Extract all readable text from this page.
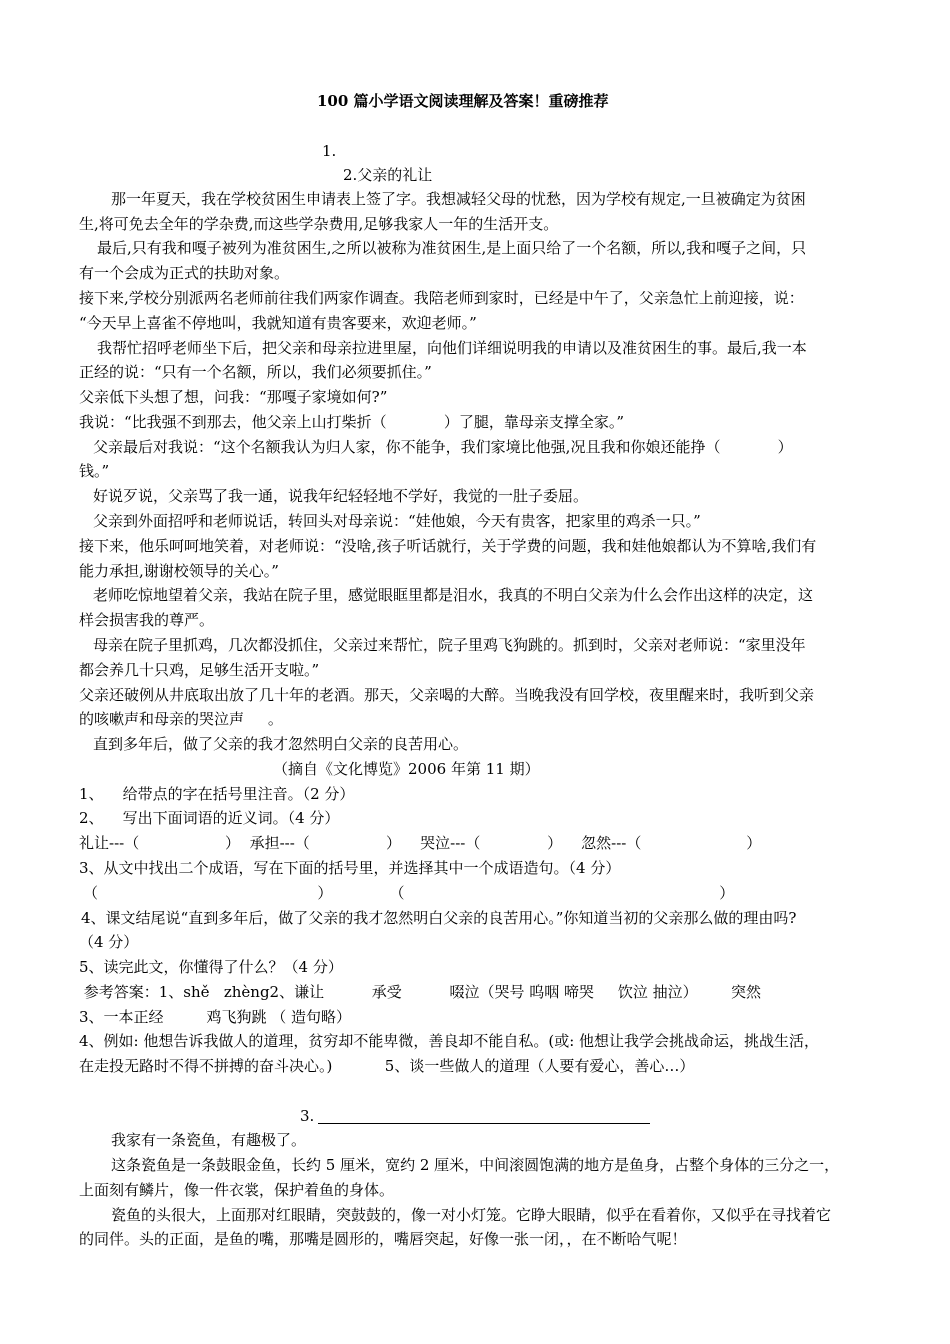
100 篇小学语文阅读理解及答案！重磅推荐
1.
2.父亲的礼让
那一年夏天，我在学校贫困生申请表上签了字。我想减轻父母的忧愁，因为学校有规定,一旦被确定为贫困
生,将可免去全年的学杂费,而这些学杂费用,足够我家人一年的生活开支。
最后,只有我和嘎子被列为准贫困生,之所以被称为准贫困生,是上面只给了一个名额，所以,我和嘎子之间，只
有一个会成为正式的扶助对象。
接下来,学校分别派两名老师前往我们两家作调查。我陪老师到家时，已经是中午了，父亲急忙上前迎接，说：
“今天早上喜雀不停地叫，我就知道有贵客要来，欢迎老师。”
我帮忙招呼老师坐下后，把父亲和母亲拉进里屋，向他们详细说明我的申请以及准贫困生的事。最后,我一本
正经的说：“只有一个名额，所以，我们必须要抓住。”
父亲低下头想了想，问我：“那嘎子家境如何?”
我说：“比我强不到那去，他父亲上山打柴折（            ）了腿，靠母亲支撑全家。”
父亲最后对我说：“这个名额我认为归人家，你不能争，我们家境比他强,况且我和你娘还能挣（            ）
钱。”
好说歹说，父亲骂了我一通，说我年纪轻轻地不学好，我觉的一肚子委屈。
父亲到外面招呼和老师说话，转回头对母亲说：“娃他娘，今天有贵客，把家里的鸡杀一只。”
接下来，他乐呵呵地笑着，对老师说：“没啥,孩子听话就行，关于学费的问题，我和娃他娘都认为不算啥,我们有
能力承担,谢谢校领导的关心。”
老师吃惊地望着父亲，我站在院子里，感觉眼眶里都是泪水，我真的不明白父亲为什么会作出这样的决定，这
样会损害我的尊严。
母亲在院子里抓鸡，几次都没抓住，父亲过来帮忙，院子里鸡飞狗跳的。抓到时，父亲对老师说：“家里没年
都会养几十只鸡，足够生活开支啦。”
父亲还破例从井底取出放了几十年的老酒。那天，父亲喝的大醉。当晚我没有回学校，夜里醒来时，我听到父亲
的咳嗽声和母亲的哭泣声     。
直到多年后，做了父亲的我才忽然明白父亲的良苦用心。
（摘自《文化博览》2006 年第 11 期）
1、    给带点的字在括号里注音。（2 分）
2、    写出下面词语的近义词。（4 分）
礼让---（                  ）  承担---（                ）    哭泣---（              ）    忽然---（                      ）
3、从文中找出二个成语，写在下面的括号里，并选择其中一个成语造句。（4 分）
（                                              ）            （                                                                  ）
4、课文结尾说“直到多年后，做了父亲的我才忽然明白父亲的良苦用心。”你知道当初的父亲那么做的理由吗?
（4 分）
5、读完此文，你懂得了什么？（4 分）
参考答案：1、shě   zhèng2、谦让          承受          啜泣（哭号 呜咽 啼哭     饮泣 抽泣）       突然
3、一本正经         鸡飞狗跳 （ 造句略）
4、例如: 他想告诉我做人的道理，贫穷却不能卑微，善良却不能自私。(或: 他想让我学会挑战命运，挑战生活，
在走投无路时不得不拼搏的奋斗决心。)           5、谈一些做人的道理（人要有爱心，善心…）
3.
我家有一条瓷鱼，有趣极了。
这条瓷鱼是一条鼓眼金鱼，长约 5 厘米，宽约 2 厘米，中间滚圆饱满的地方是鱼身，占整个身体的三分之一，
上面刻有鳞片，像一件衣裳，保护着鱼的身体。
瓷鱼的头很大，上面那对红眼睛，突鼓鼓的，像一对小灯笼。它睁大眼睛，似乎在看着你，又似乎在寻找着它
的同伴。头的正面，是鱼的嘴，那嘴是圆形的，嘴唇突起，好像一张一闭，，在不断哈气呢！
